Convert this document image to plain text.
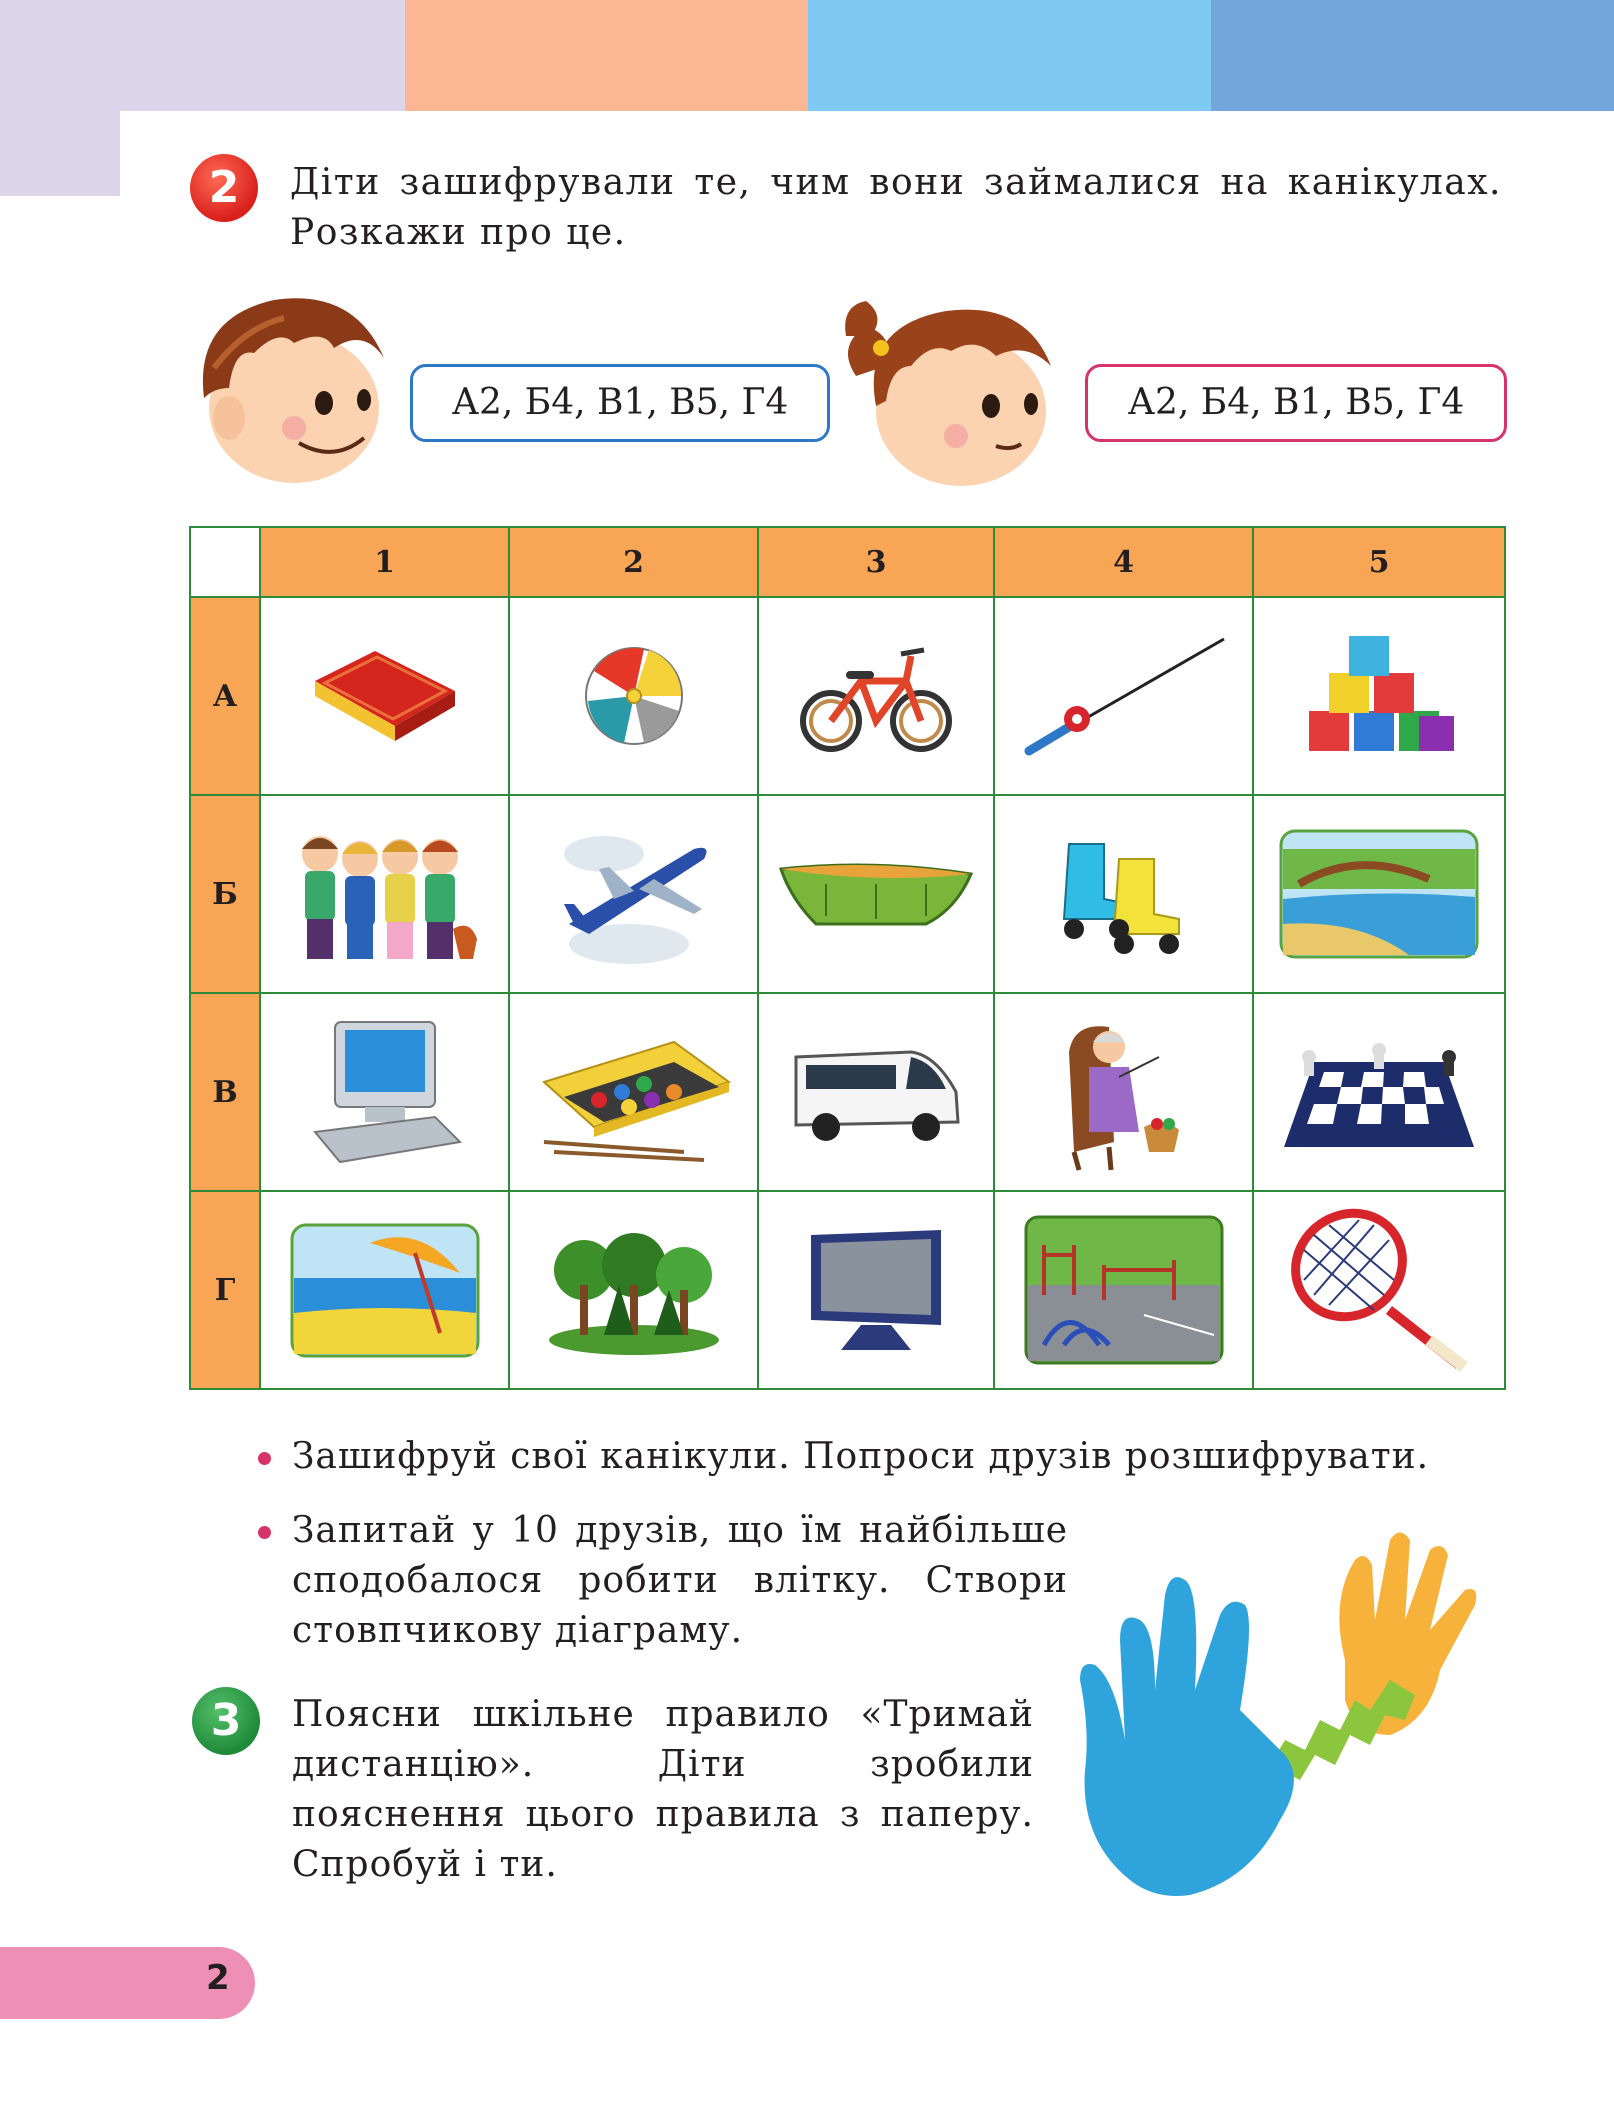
2	Діти зашифрували те, чим вони займалися на канікулах. Розкажи про це.
А2, Б4, В1, В5, Г4	А2, Б4, В1, В5, Г4
	1	2	3	4	5
А	

Б	

В	

Г	

Зашифруй свої канікули. Попроси друзів розшифрувати.
Запитай у 10 друзів, що їм найбільше сподобалося робити влітку. Створи стовпчикову діаграму.
3	Поясни шкільне правило «Тримай дистанцію». Діти зробили пояснення цього правила з паперу. Спробуй і ти.
2
